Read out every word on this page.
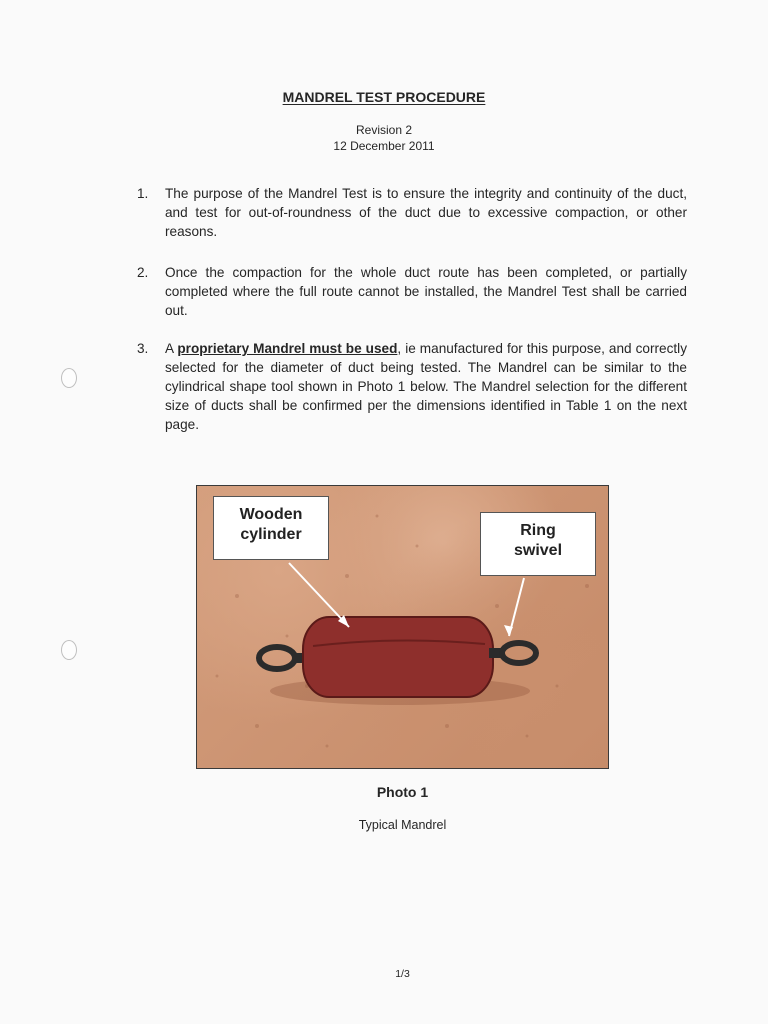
MANDREL TEST PROCEDURE
Revision 2
12 December 2011
1.	The purpose of the Mandrel Test is to ensure the integrity and continuity of the duct, and test for out-of-roundness of the duct due to excessive compaction, or other reasons.
2.	Once the compaction for the whole duct route has been completed, or partially completed where the full route cannot be installed, the Mandrel Test shall be carried out.
3.	A proprietary Mandrel must be used, ie manufactured for this purpose, and correctly selected for the diameter of duct being tested. The Mandrel can be similar to the cylindrical shape tool shown in Photo 1 below. The Mandrel selection for the different size of ducts shall be confirmed per the dimensions identified in Table 1 on the next page.
Wooden
cylinder	Ring
swivel
Photo 1
Typical Mandrel
1/3
